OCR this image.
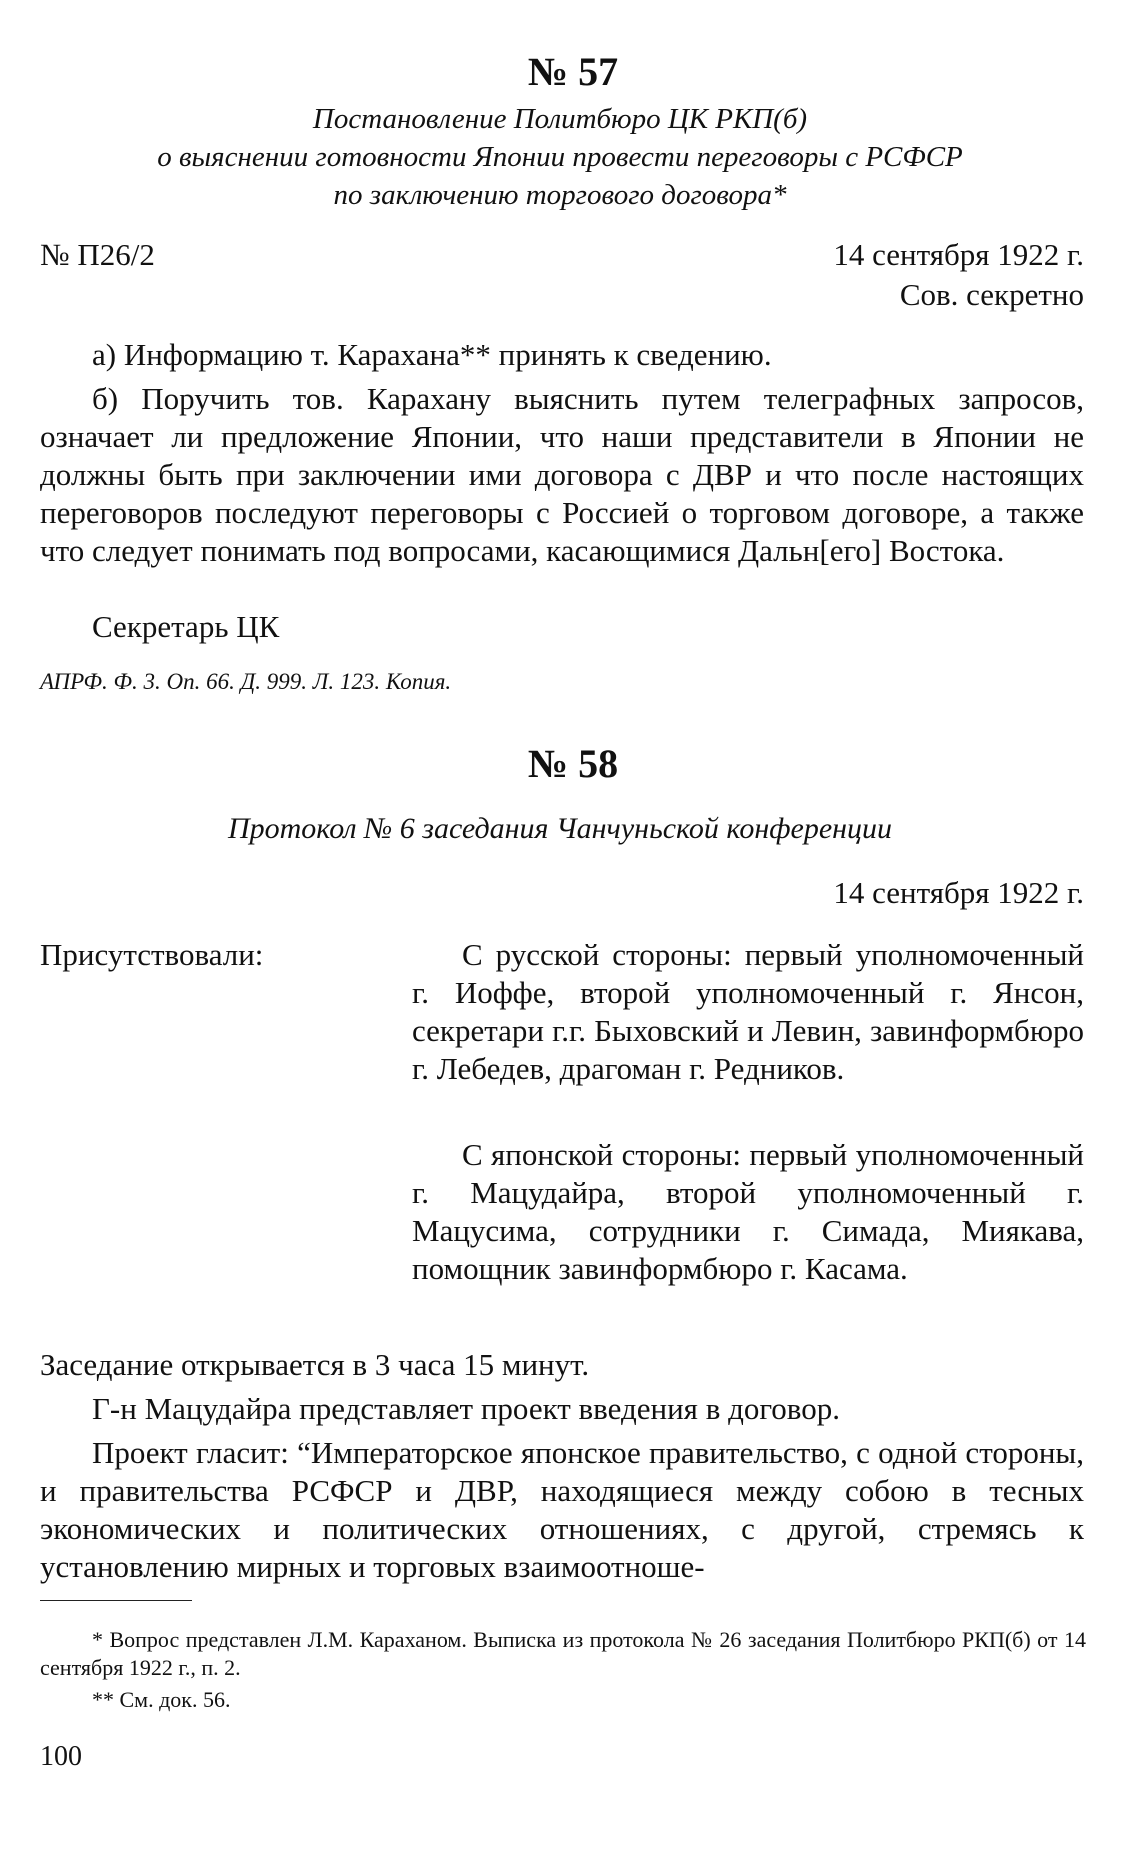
№ 57
Постановление Политбюро ЦК РКП(б)
о выяснении готовности Японии провести переговоры с РСФСР
по заключению торгового договора*
№ П26/2	14 сентября 1922 г.
Сов. секретно
а) Информацию т. Карахана** принять к сведению.
б) Поручить тов. Карахану выяснить путем телеграфных запросов, означает ли предложение Японии, что наши представители в Японии не должны быть при заключении ими договора с ДВР и что после настоящих переговоров последуют переговоры с Россией о торговом договоре, а также что следует понимать под вопросами, касающимися Дальн[его] Востока.
Секретарь ЦК
АПРФ. Ф. 3. Оп. 66. Д. 999. Л. 123. Копия.
№ 58
Протокол № 6 заседания Чанчуньской конференции
14 сентября 1922 г.
Присутствовали:	С русской стороны: первый уполномоченный г. Иоффе, второй уполномоченный г. Янсон, секретари г.г. Быховский и Левин, завинформбюро г. Лебедев, драгоман г. Редников.
С японской стороны: первый уполномоченный г. Мацудайра, второй уполномоченный г. Мацусима, сотрудники г. Симада, Миякава, помощник завинформбюро г. Касама.
Заседание открывается в 3 часа 15 минут.
Г-н Мацудайра представляет проект введения в договор.
Проект гласит: “Императорское японское правительство, с одной стороны, и правительства РСФСР и ДВР, находящиеся между собою в тесных экономических и политических отношениях, с другой, стремясь к установлению мирных и торговых взаимоотноше-
* Вопрос представлен Л.М. Караханом. Выписка из протокола № 26 заседания Политбюро РКП(б) от 14 сентября 1922 г., п. 2.
** См. док. 56.
100
